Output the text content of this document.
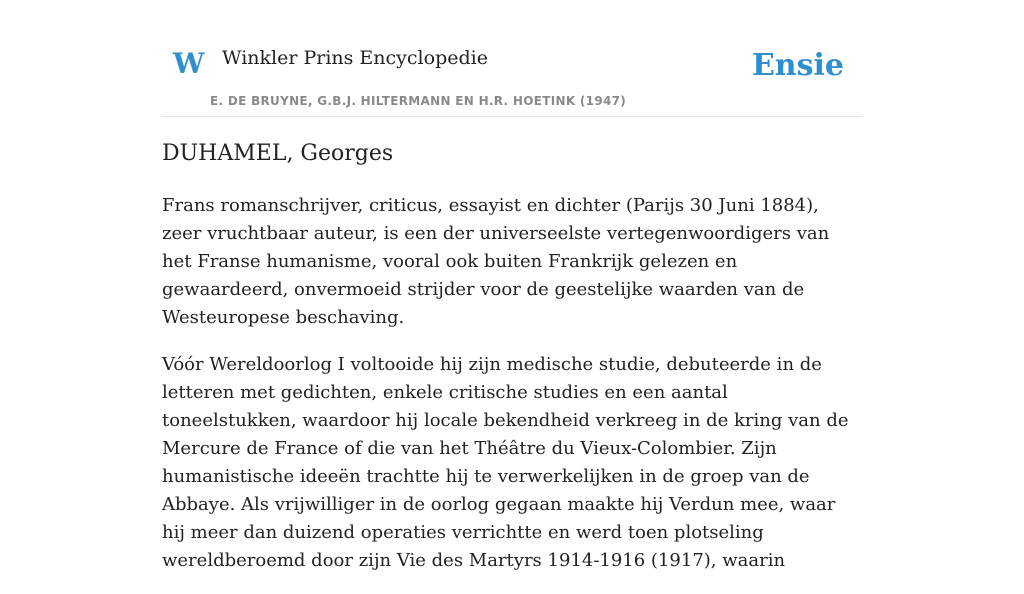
W Winkler Prins Encyclopedie
E. DE BRUYNE, G.B.J. HILTERMANN EN H.R. HOETINK (1947)
Ensie
DUHAMEL, Georges

Frans romanschrijver, criticus, essayist en dichter (Parijs 30 Juni 1884), zeer vruchtbaar auteur, is een der universeelste vertegenwoordigers van het Franse humanisme, vooral ook buiten Frankrijk gelezen en gewaardeerd, onvermoeid strijder voor de geestelijke waarden van de Westeuropese beschaving.

Vóór Wereldoorlog I voltooide hij zijn medische studie, debuteerde in de letteren met gedichten, enkele critische studies en een aantal toneelstukken, waardoor hij locale bekendheid verkreeg in de kring van de Mercure de France of die van het Théâtre du Vieux-Colombier. Zijn humanistische ideeën trachtte hij te verwerkelijken in de groep van de Abbaye. Als vrijwilliger in de oorlog gegaan maakte hij Verdun mee, waar hij meer dan duizend operaties verrichtte en werd toen plotseling wereldberoemd door zijn Vie des Martyrs 1914-1916 (1917), waarin
